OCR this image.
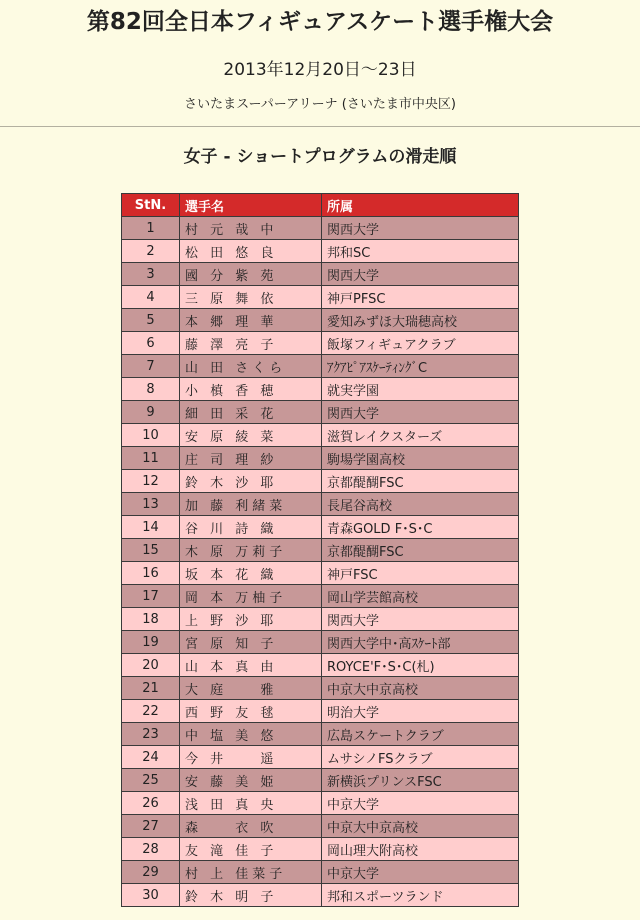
第82回全日本フィギュアスケート選手権大会

2013年12月20日～23日

さいたまスーパーアリーナ (さいたま市中央区)

女子 - ショートプログラムの滑走順
StN.	選手名	所属
1	村 元 哉 中	関西大学
2	松 田 悠 良	邦和SC
3	國 分 紫 苑	関西大学
4	三 原 舞 依	神戸PFSC
5	本 郷 理 華	愛知みずほ大瑞穂高校
6	藤 澤 亮 子	飯塚フィギュアクラブ
7	山 田 さくら	ｱｸｱﾋﾟｱｽｹｰﾃｨﾝｸﾞC
8	小 槙 香 穂	就実学園
9	細 田 采 花	関西大学
10	安 原 綾 菜	滋賀レイクスターズ
11	庄 司 理 紗	駒場学園高校
12	鈴 木 沙 耶	京都醍醐FSC
13	加 藤 利緒菜	長尾谷高校
14	谷 川 詩 織	青森GOLD F･S･C
15	木 原 万莉子	京都醍醐FSC
16	坂 本 花 織	神戸FSC
17	岡 本 万柚子	岡山学芸館高校
18	上 野 沙 耶	関西大学
19	宮 原 知 子	関西大学中･高ｽｹｰﾄ部
20	山 本 真 由	ROYCE'F･S･C(札)
21	大 庭 　 雅	中京大中京高校
22	西 野 友 毬	明治大学
23	中 塩 美 悠	広島スケートクラブ
24	今 井 　 遥	ムサシノFSクラブ
25	安 藤 美 姫	新横浜プリンスFSC
26	浅 田 真 央	中京大学
27	森 　 衣 吹	中京大中京高校
28	友 滝 佳 子	岡山理大附高校
29	村 上 佳菜子	中京大学
30	鈴 木 明 子	邦和スポーツランド
